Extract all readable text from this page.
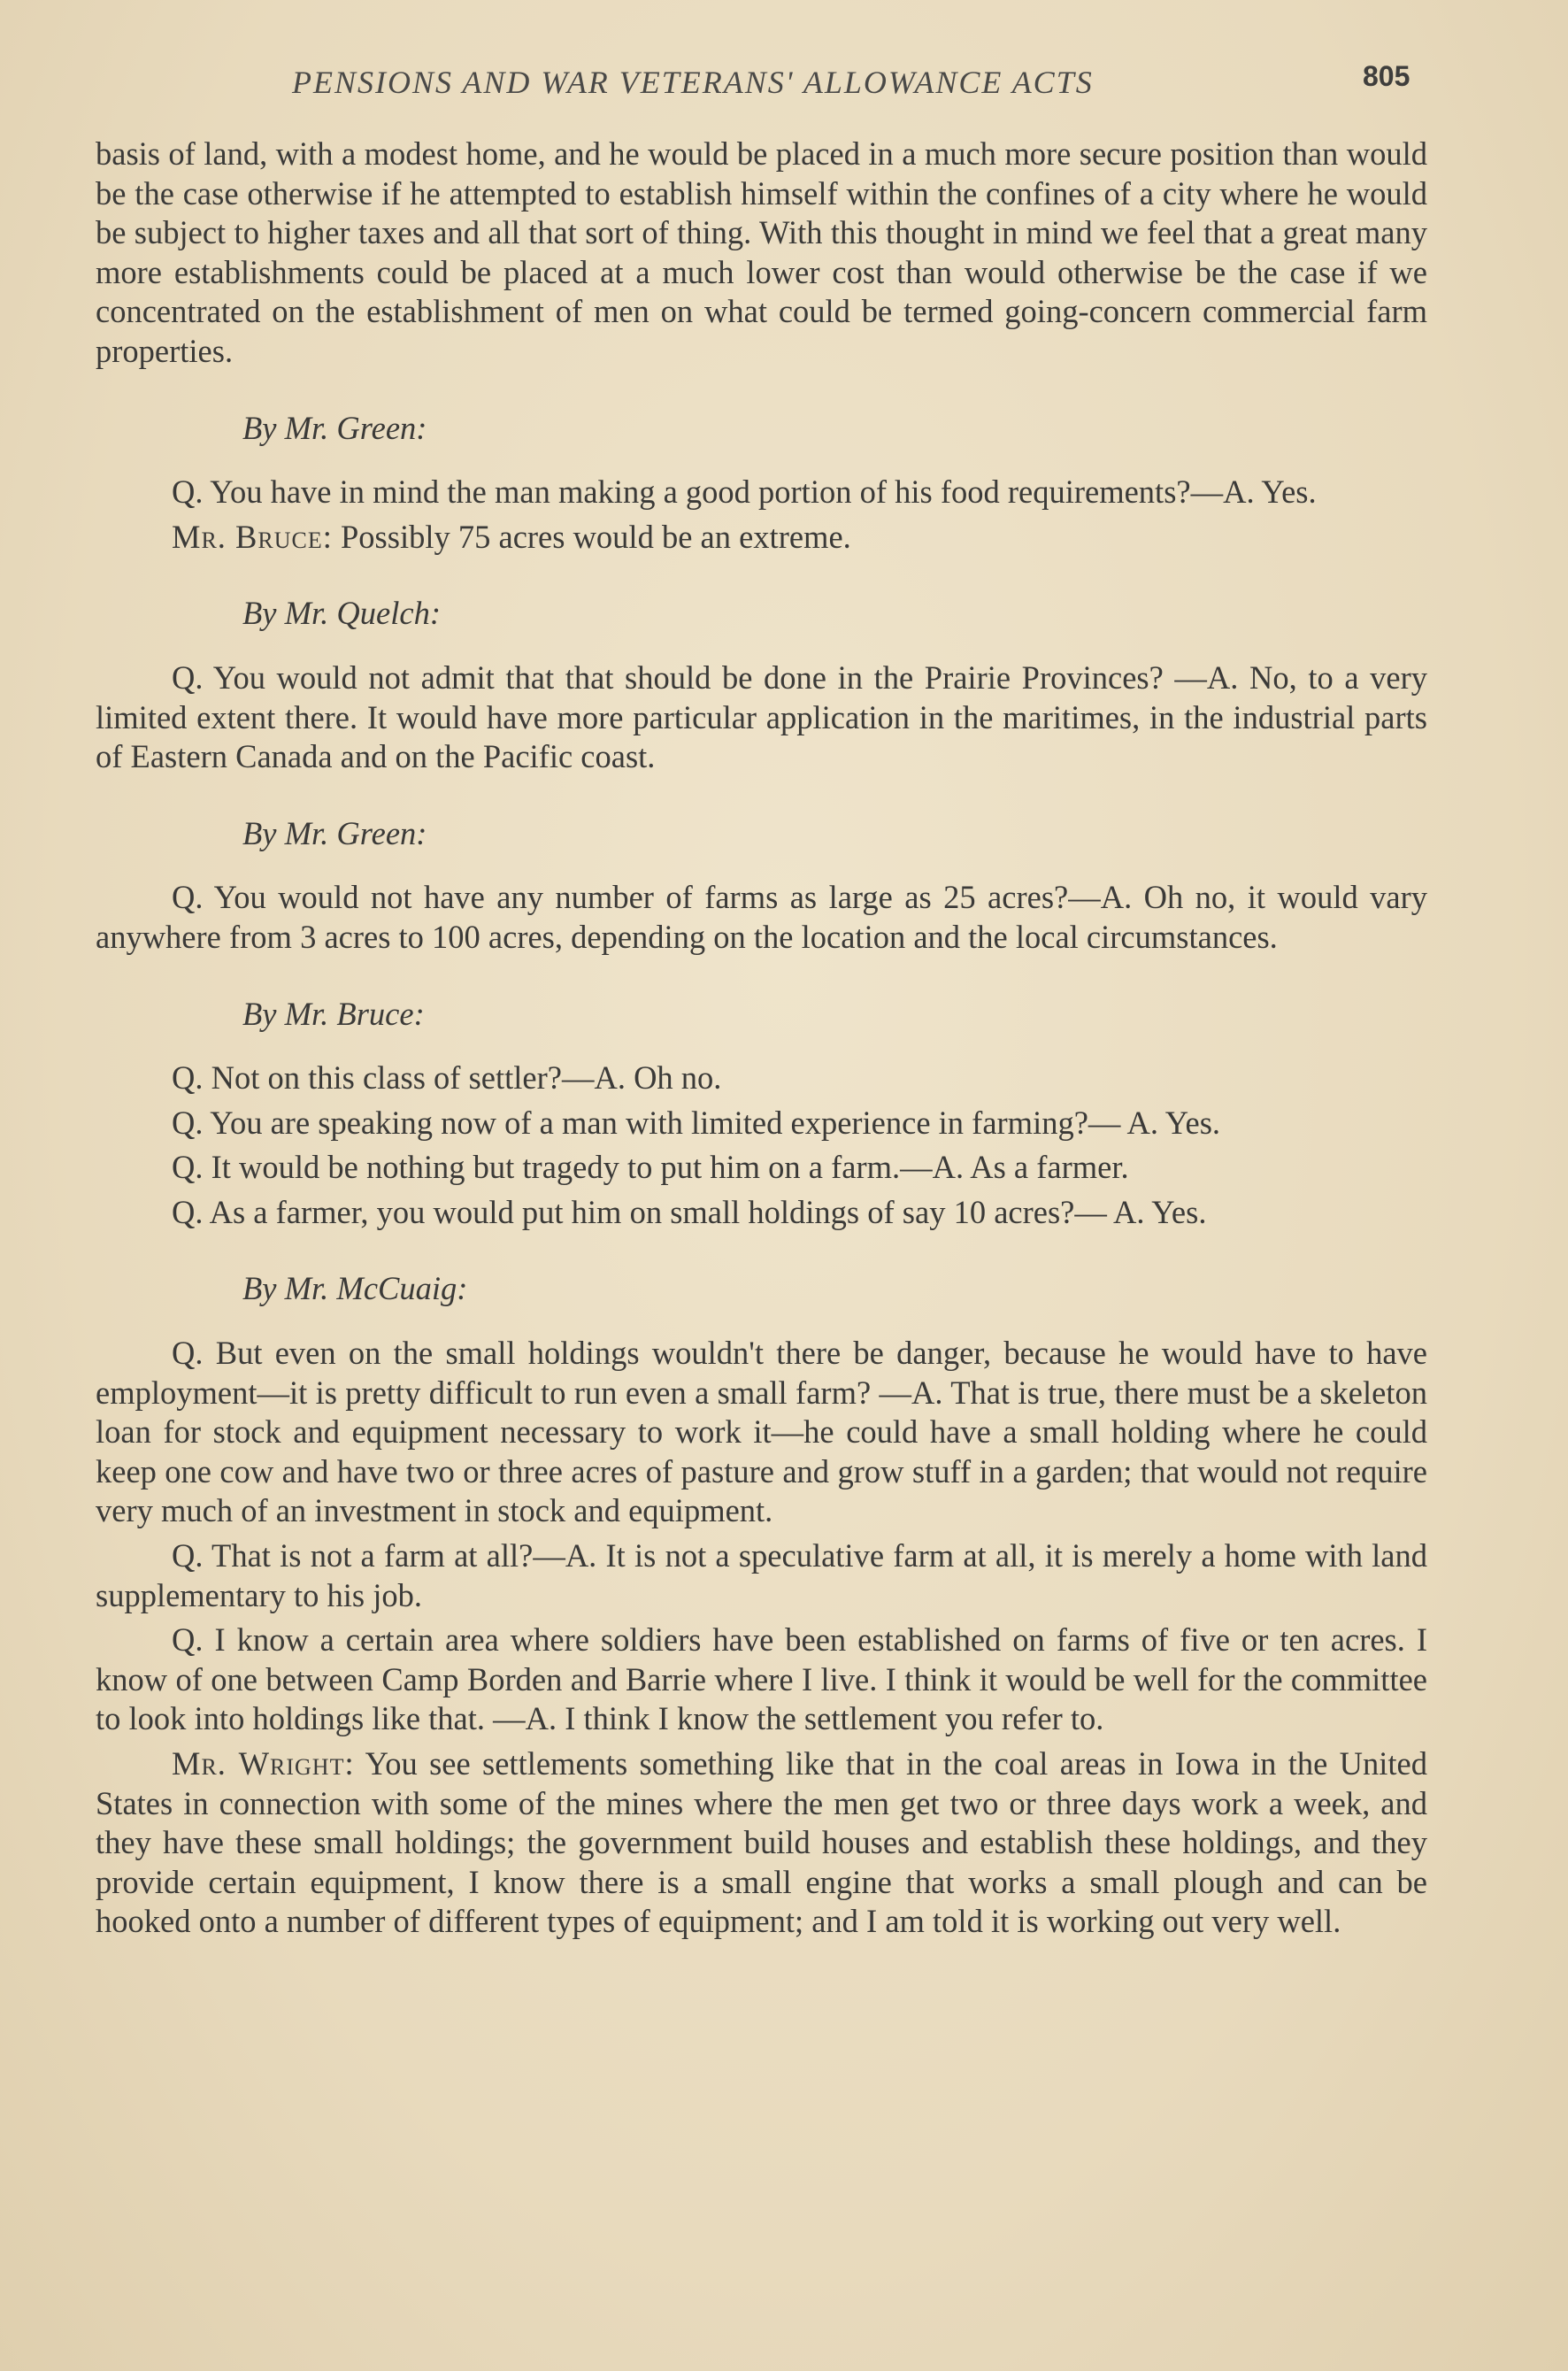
PENSIONS AND WAR VETERANS' ALLOWANCE ACTS	805

basis of land, with a modest home, and he would be placed in a much more secure position than would be the case otherwise if he attempted to establish himself within the confines of a city where he would be subject to higher taxes and all that sort of thing. With this thought in mind we feel that a great many more establishments could be placed at a much lower cost than would otherwise be the case if we concentrated on the establishment of men on what could be termed going-concern commercial farm properties.

By Mr. Green:

Q. You have in mind the man making a good portion of his food requirements?—A. Yes.

Mr. Bruce: Possibly 75 acres would be an extreme.

By Mr. Quelch:

Q. You would not admit that that should be done in the Prairie Provinces? —A. No, to a very limited extent there. It would have more particular application in the maritimes, in the industrial parts of Eastern Canada and on the Pacific coast.

By Mr. Green:

Q. You would not have any number of farms as large as 25 acres?—A. Oh no, it would vary anywhere from 3 acres to 100 acres, depending on the location and the local circumstances.

By Mr. Bruce:

Q. Not on this class of settler?—A. Oh no.

Q. You are speaking now of a man with limited experience in farming?— A. Yes.

Q. It would be nothing but tragedy to put him on a farm.—A. As a farmer.

Q. As a farmer, you would put him on small holdings of say 10 acres?— A. Yes.

By Mr. McCuaig:

Q. But even on the small holdings wouldn't there be danger, because he would have to have employment—it is pretty difficult to run even a small farm? —A. That is true, there must be a skeleton loan for stock and equipment necessary to work it—he could have a small holding where he could keep one cow and have two or three acres of pasture and grow stuff in a garden; that would not require very much of an investment in stock and equipment.

Q. That is not a farm at all?—A. It is not a speculative farm at all, it is merely a home with land supplementary to his job.

Q. I know a certain area where soldiers have been established on farms of five or ten acres. I know of one between Camp Borden and Barrie where I live. I think it would be well for the committee to look into holdings like that. —A. I think I know the settlement you refer to.

Mr. Wright: You see settlements something like that in the coal areas in Iowa in the United States in connection with some of the mines where the men get two or three days work a week, and they have these small holdings; the government build houses and establish these holdings, and they provide certain equipment, I know there is a small engine that works a small plough and can be hooked onto a number of different types of equipment; and I am told it is working out very well.
